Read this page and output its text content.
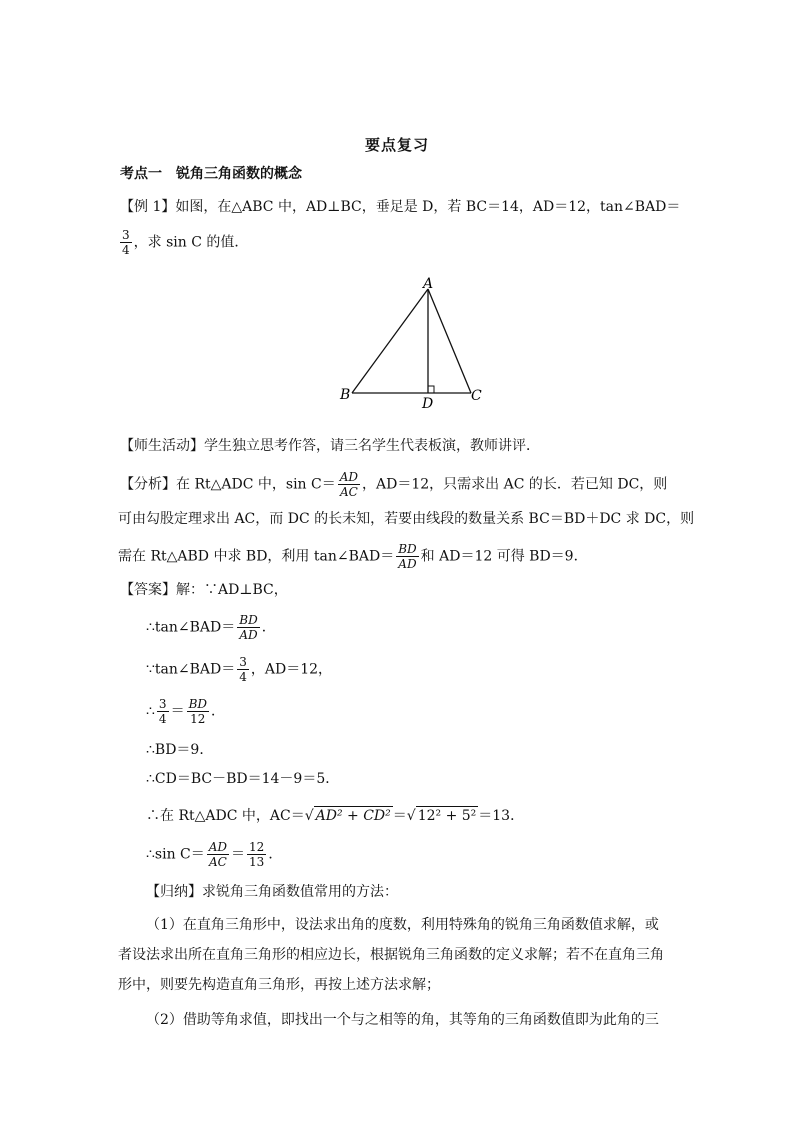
要点复习
考点一　锐角三角函数的概念
【例 1】如图，在△ABC 中，AD⊥BC，垂足是 D，若 BC＝14，AD＝12，tan∠BAD＝
$\frac{3}{4}$ ，求 sin C 的值．
A
B	C
D
【师生活动】学生独立思考作答，请三名学生代表板演，教师讲评．
【分析】在 Rt△ADC 中，$\sin C= \frac{AD}{AC}$ ，AD＝12，只需求出 AC 的长．若已知 DC，则
可由勾股定理求出 AC，而 DC 的长未知，若要由线段的数量关系 BC＝BD＋DC 求 DC，则
需在 Rt△ABD 中求 BD，利用 tan∠BAD＝ $\frac{BD}{AD}$ 和 AD＝12 可得 BD＝9．
【答案】解：∵AD⊥BC，
∴tan∠BAD＝ $\frac{BD}{AD}$ ．
∵tan∠BAD＝ $\frac{3}{4}$ ，AD＝12，
∴ $\frac{3}{4} = \frac{BD}{12}$ ．
∴BD＝9．
∴CD＝BC－BD＝14－9＝5．
∴在 Rt△ADC 中，AC＝√ AD² + CD² ＝√ 12² + 5² ＝13．
∴sin $C= \frac{AD}{AC} = \frac{12}{13}$ ．
【归纳】求锐角三角函数值常用的方法：
（1）在直角三角形中，设法求出角的度数，利用特殊角的锐角三角函数值求解，或
者设法求出所在直角三角形的相应边长，根据锐角三角函数的定义求解；若不在直角三角
形中，则要先构造直角三角形，再按上述方法求解；
（2）借助等角求值，即找出一个与之相等的角，其等角的三角函数值即为此角的三
